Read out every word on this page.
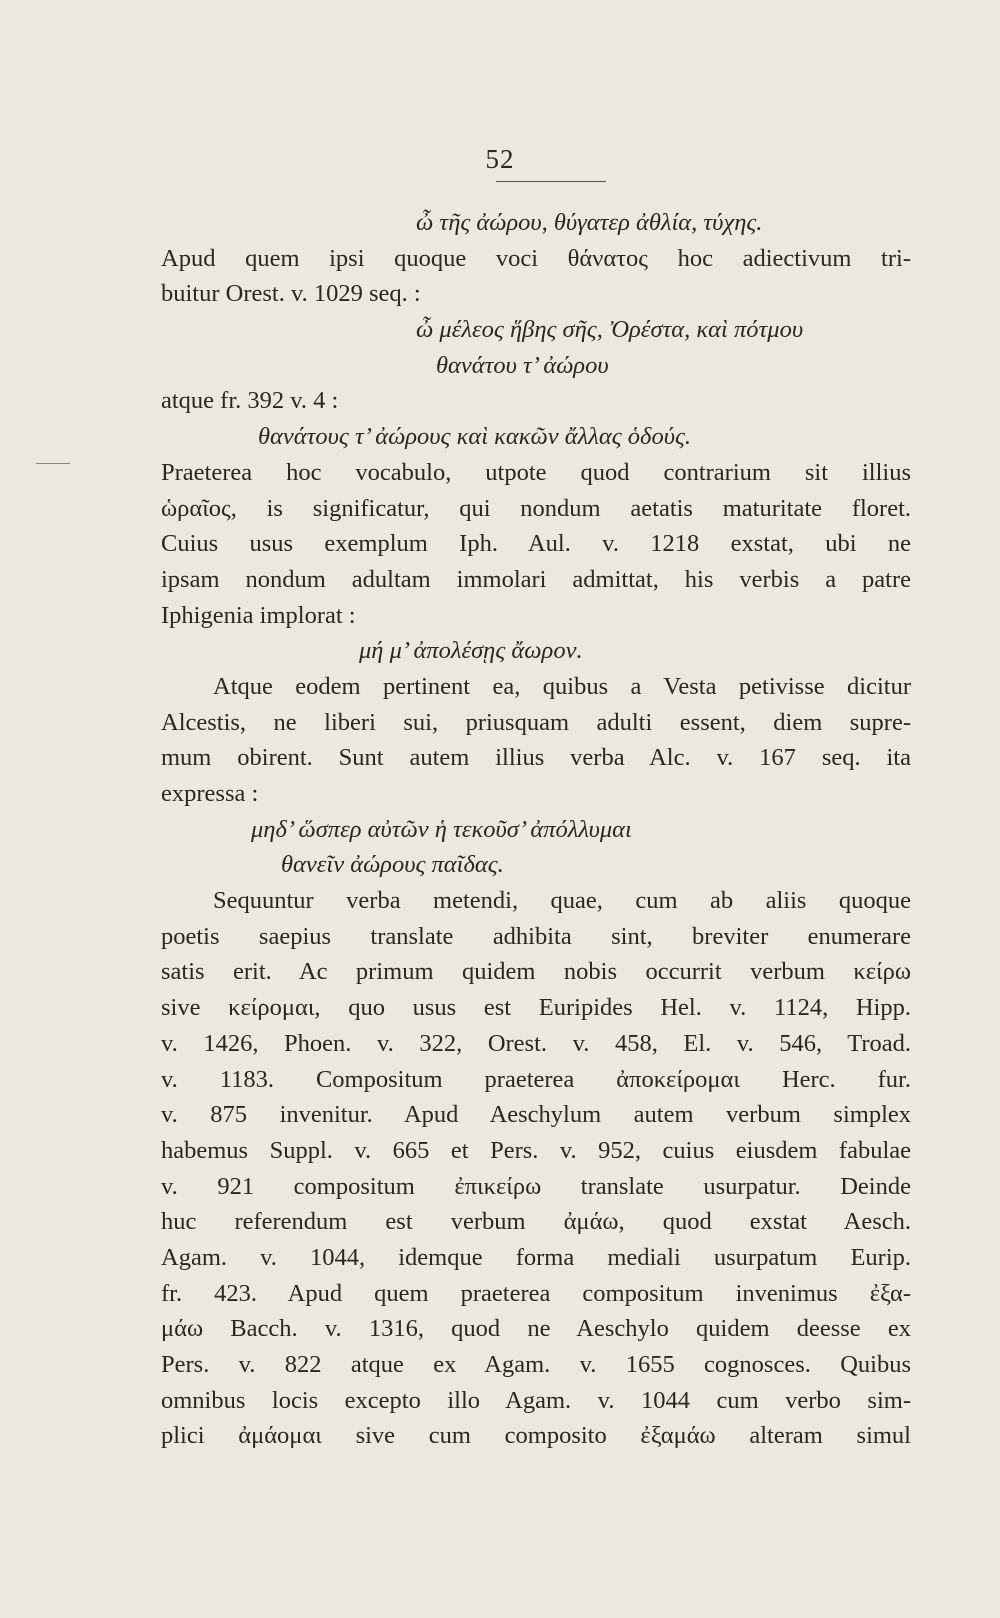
52
ὦ τῆς ἀώρου, θύγατερ ἀθλία, τύχης.
Apud quem ipsi quoque voci θάνατος hoc adiectivum tri-
buitur Orest. v. 1029 seq. :
ὦ μέλεος ἥβης σῆς, Ὀρέστα, καὶ πότμου
θανάτου τ’ ἀώρου
atque fr. 392 v. 4 :
θανάτους τ’ ἀώρους καὶ κακῶν ἄλλας ὁδούς.
Praeterea hoc vocabulo, utpote quod contrarium sit illius
ὡραῖος, is significatur, qui nondum aetatis maturitate floret.
Cuius usus exemplum Iph. Aul. v. 1218 exstat, ubi ne
ipsam nondum adultam immolari admittat, his verbis a patre
Iphigenia implorat :
μή μ’ ἀπολέσῃς ἄωρον.
Atque eodem pertinent ea, quibus a Vesta petivisse dicitur
Alcestis, ne liberi sui, priusquam adulti essent, diem supre-
mum obirent. Sunt autem illius verba Alc. v. 167 seq. ita
expressa :
μηδ’ ὥσπερ αὐτῶν ἡ τεκοῦσ’ ἀπόλλυμαι
θανεῖν ἀώρους παῖδας.
Sequuntur verba metendi, quae, cum ab aliis quoque
poetis saepius translate adhibita sint, breviter enumerare
satis erit. Ac primum quidem nobis occurrit verbum κείρω
sive κείρομαι, quo usus est Euripides Hel. v. 1124, Hipp.
v. 1426, Phoen. v. 322, Orest. v. 458, El. v. 546, Troad.
v. 1183. Compositum praeterea ἀποκείρομαι Herc. fur.
v. 875 invenitur. Apud Aeschylum autem verbum simplex
habemus Suppl. v. 665 et Pers. v. 952, cuius eiusdem fabulae
v. 921 compositum ἐπικείρω translate usurpatur. Deinde
huc referendum est verbum ἀμάω, quod exstat Aesch.
Agam. v. 1044, idemque forma mediali usurpatum Eurip.
fr. 423. Apud quem praeterea compositum invenimus ἐξα-
μάω Bacch. v. 1316, quod ne Aeschylo quidem deesse ex
Pers. v. 822 atque ex Agam. v. 1655 cognosces. Quibus
omnibus locis excepto illo Agam. v. 1044 cum verbo sim-
plici ἀμάομαι sive cum composito ἐξαμάω alteram simul
